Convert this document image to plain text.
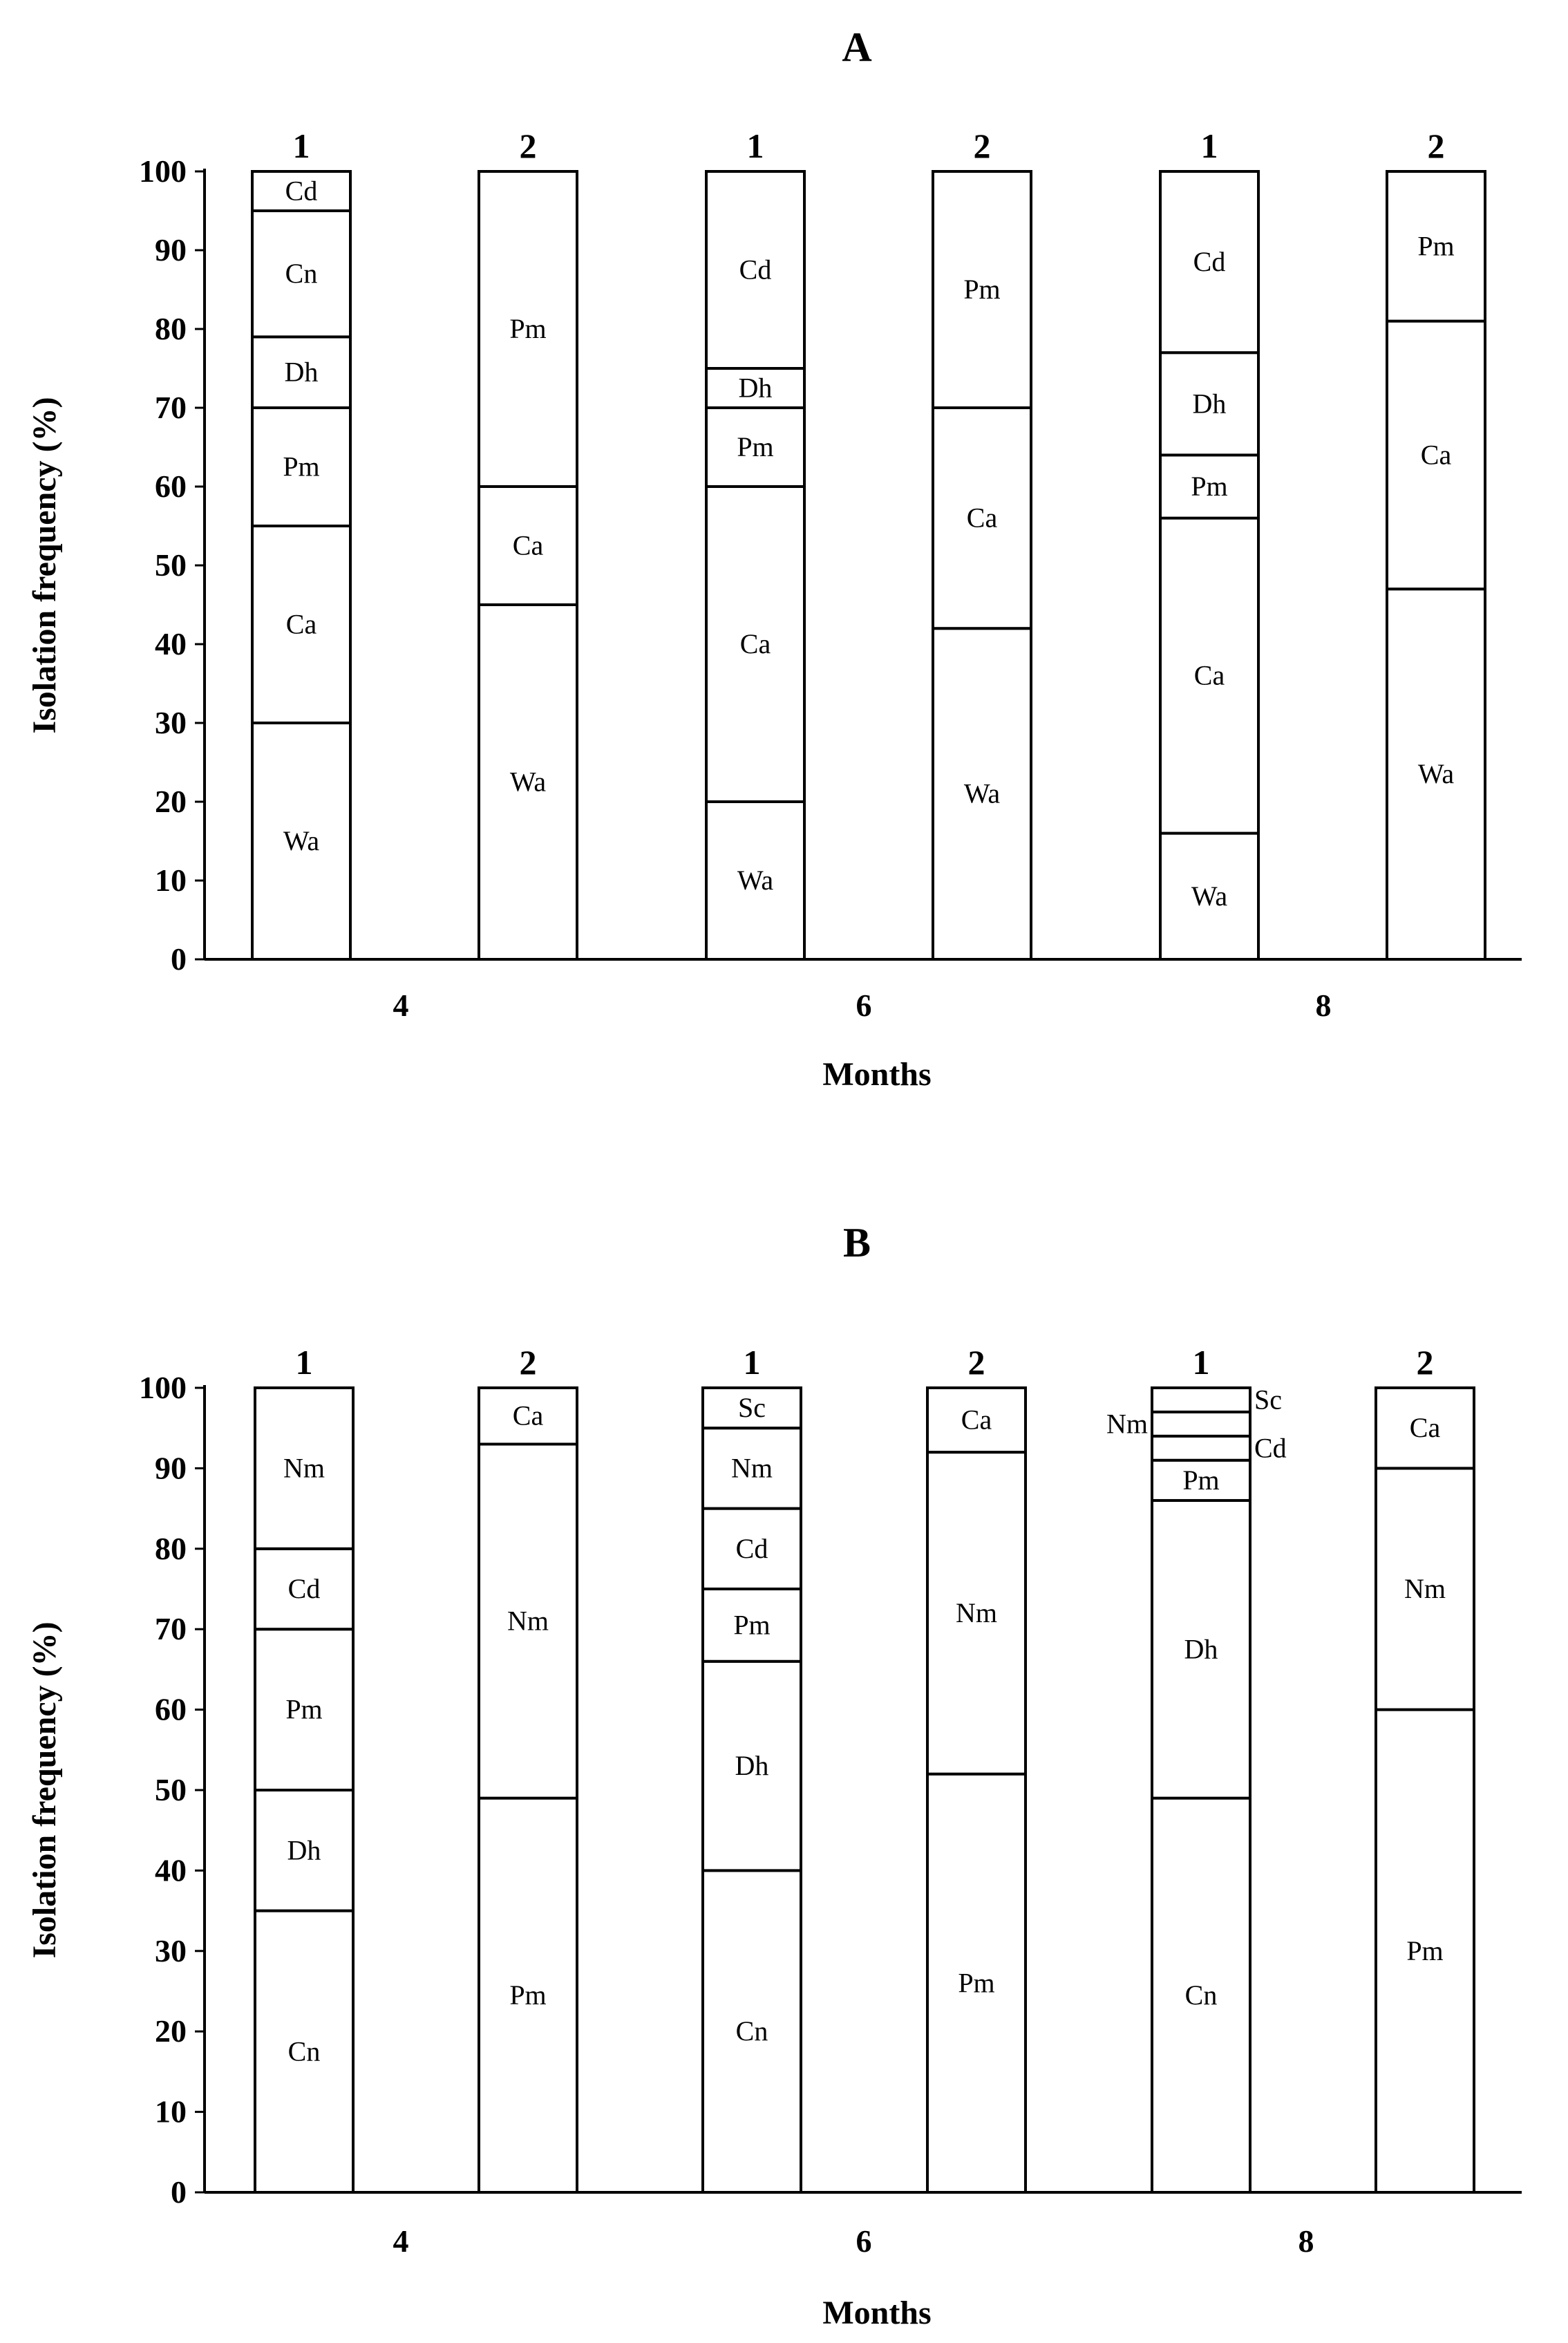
A
0
10
20
30
40
50
60
70
80
90
100
Isolation frequency (%)
4	6	8
Months
1
Wa
Ca
Pm
Dh
Cn
Cd
2
Wa
Ca
Pm
1
Wa
Ca
Pm
Dh
Cd
2
Wa
Ca
Pm
1
Wa
Ca
Pm
Dh
Cd
2
Wa
Ca
Pm
B
0
10
20
30
40
50
60
70
80
90
100
Isolation frequency (%)
4	6	8
Months
1
Cn
Dh
Pm
Cd
Nm
2
Pm
Nm
Ca
1
Cn
Dh
Pm
Cd
Nm
Sc
2
Pm
Nm
Ca
1
Cn
Dh
Pm
Cd
Nm
Sc
2
Pm
Nm
Ca
